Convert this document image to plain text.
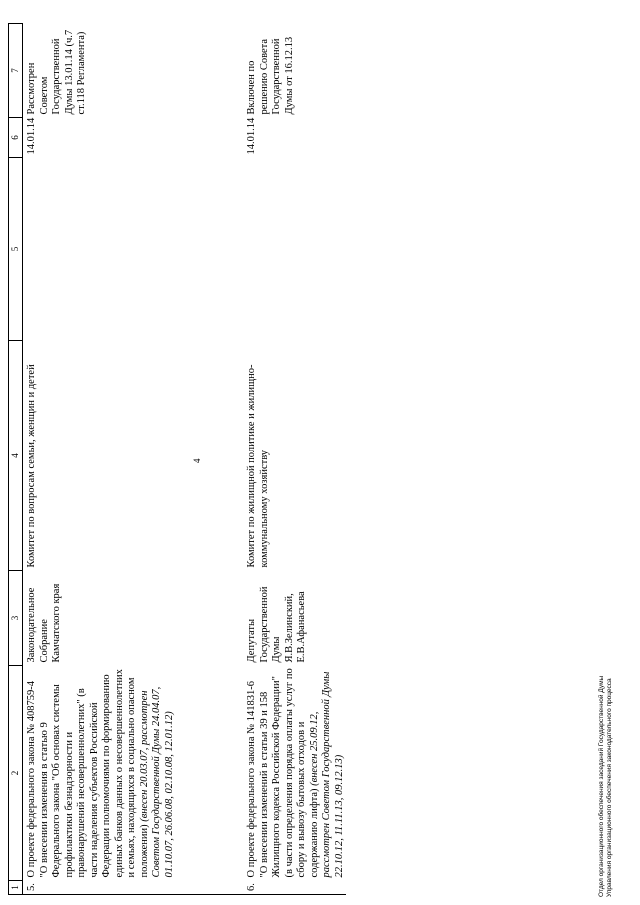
4
1	2	3	4	5	6	7
5.	О проекте федерального закона № 408759-4 "О внесении изменения в статью 9 Федерального закона "Об основах системы профилактики безнадзорности и правонарушений несовершеннолетних" (в части наделения субъектов Российской Федерации полномочиями по формированию единых банков данных о несовершеннолетних и семьях, находящихся в социально опасном положении) (внесен 20.03.07, рассмотрен Советом Государственной Думы 24.04.07, 01.10.07, 26.06.08, 02.10.08, 12.01.12)	Законодательное Собрание Камчатского края	Комитет по вопросам семьи, женщин и детей		14.01.14	Рассмотрен Советом Государственной Думы 13.01.14 (ч.7 ст.118 Регламента)
6.	О проекте федерального закона № 141831-6 "О внесении изменений в статьи 39 и 158 Жилищного кодекса Российской Федерации" (в части определения порядка оплаты услуг по сбору и вывозу бытовых отходов и содержанию лифта) (внесен 25.09.12, рассмотрен Советом Государственной Думы 22.10.12, 11.11.13, 09.12.13)	Депутаты Государственной Думы Я.В.Зелинский, Е.В.Афанасьева	Комитет по жилищной политике и жилищно-коммунальному хозяйству		14.01.14	Включен по решению Совета Государственной Думы от 16.12.13
Отдел организационного обеспечения заседаний Государственной Думы Управления организационного обеспечения законодательного процесса
